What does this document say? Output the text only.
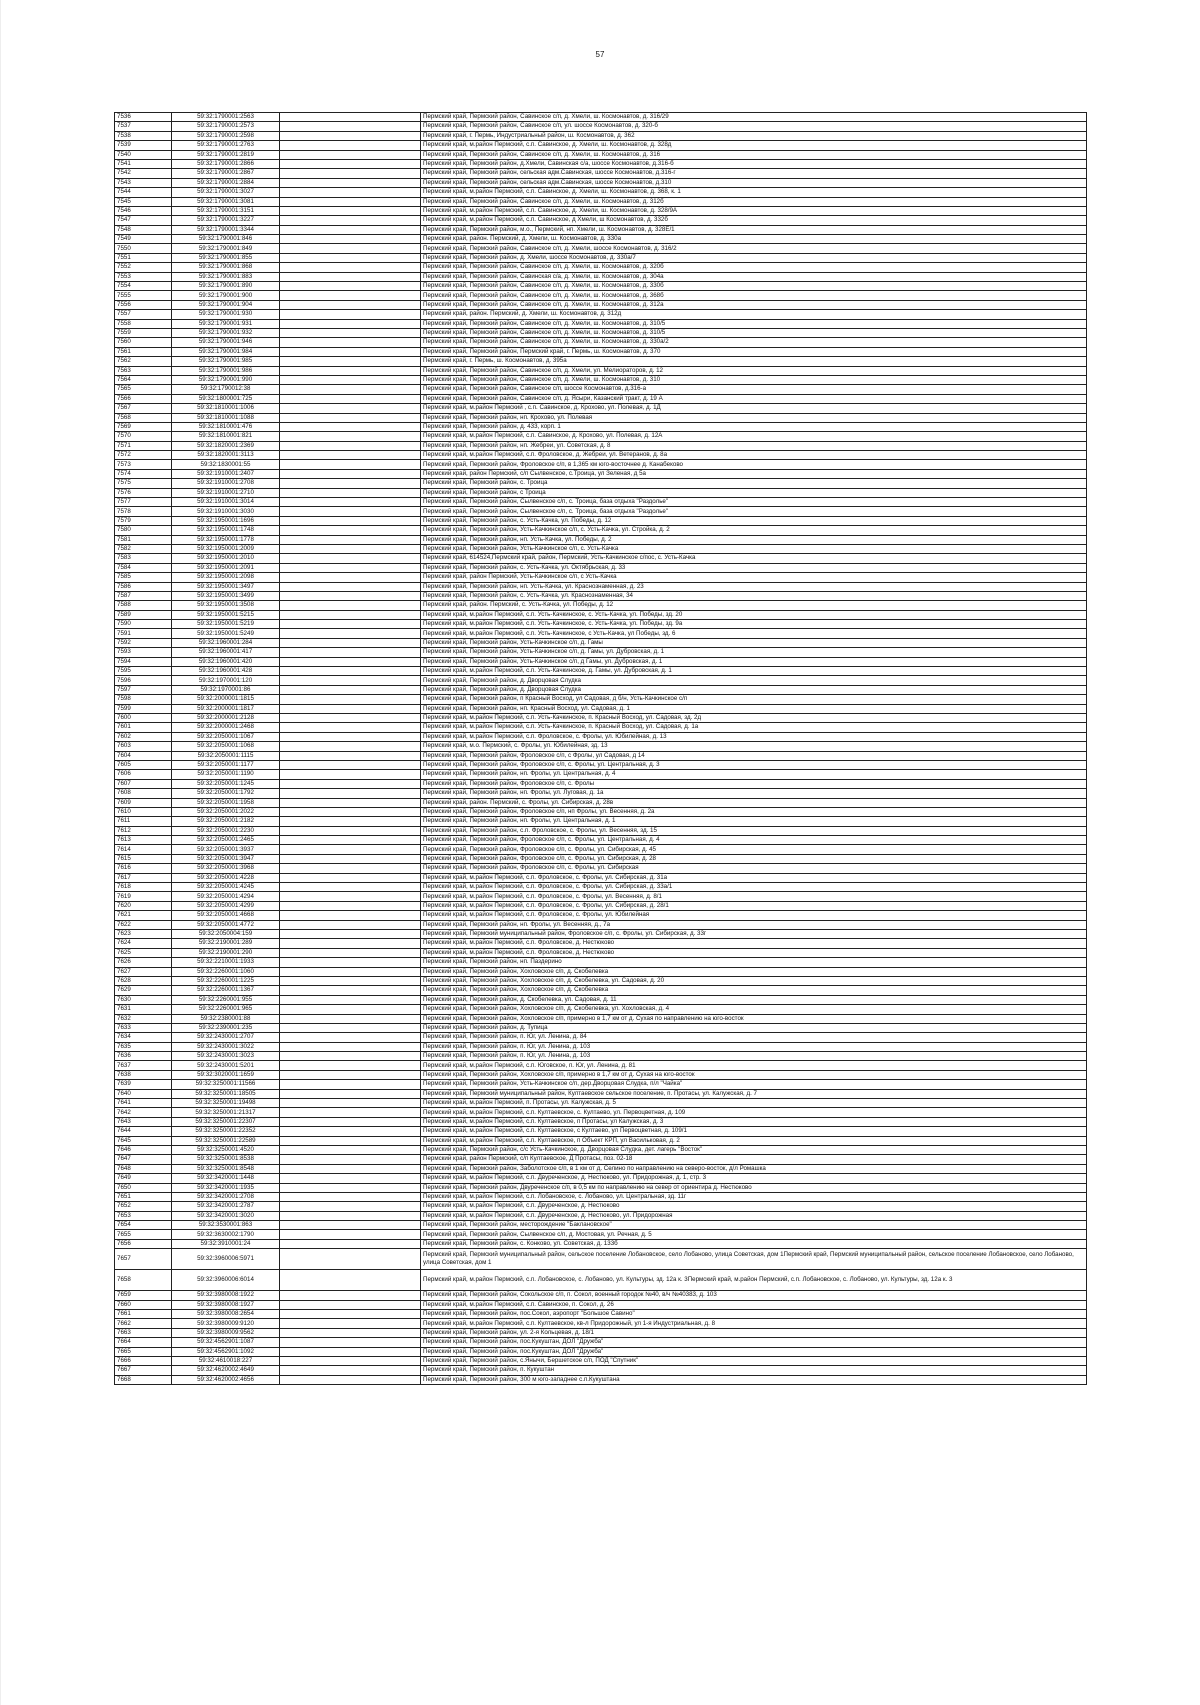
57
7536	59:32:1790001:2563		Пермский край, Пермский район, Савинское с/п, д. Хмели, ш. Космонавтов, д. 316/29
7537	59:32:1790001:2573		Пермский край, Пермский район, Савинское с/п, ул. шоссе Космонавтов, д. 320-б
7538	59:32:1790001:2598		Пермский край, г. Пермь, Индустриальный район, ш. Космонавтов, д. 362
7539	59:32:1790001:2763		Пермский край, м.район Пермский, с.п. Савинское, д. Хмели, ш. Космонавтов, д. 328д
7540	59:32:1790001:2819		Пермский край, Пермский район, Савинское с/п, д. Хмели, ш. Космонавтов, д. 316
7541	59:32:1790001:2866		Пермский край, Пермский район, д.Хмели, Савинская с/а, шоссе Космонавтов, д.316-б
7542	59:32:1790001:2867		Пермский край, Пермский район, сельская адм.Савинская, шоссе Космонавтов, д.316-г
7543	59:32:1790001:2884		Пермский край, Пермский район, сельская адм.Савинская, шоссе Космонавтов, д.310
7544	59:32:1790001:3027		Пермский край, м.район Пермский, с.п. Савинское, д. Хмели, ш. Космонавтов, д. 368, к. 1
7545	59:32:1790001:3081		Пермский край, Пермский район, Савинское с/п, д. Хмели, ш. Космонавтов, д. 312б
7546	59:32:1790001:3151		Пермский край, м.район Пермский, с.п. Савинское, д. Хмели, ш. Космонавтов, д. 328/9А
7547	59:32:1790001:3227		Пермский край, м.район Пермский, с.п. Савинское, д Хмели, ш Космонавтов, д. 332б
7548	59:32:1790001:3344		Пермский край, Пермский район, м.о., Пермский, нп. Хмели, ш. Космонавтов, д. 328Е/1
7549	59:32:1790001:846		Пермский край, район. Пермский, д. Хмели, ш. Космонавтов, д. 330а
7550	59:32:1790001:849		Пермский край, Пермский район, Савинское с/п, д. Хмели, шоссе Космонавтов, д. 316/2
7551	59:32:1790001:855		Пермский край, Пермский район, д. Хмели, шоссе Космонавтов, д. 330а/7
7552	59:32:1790001:868		Пермский край, Пермский район, Савинское с/п, д. Хмели, ш. Космонавтов, д. 320б
7553	59:32:1790001:883		Пермский край, Пермский район, Савинская с/а, д. Хмели, ш. Космонавтов, д. 304а
7554	59:32:1790001:890		Пермский край, Пермский район, Савинское с/п, д. Хмели, ш. Космонавтов, д. 330б
7555	59:32:1790001:900		Пермский край, Пермский район, Савинское с/п, д. Хмели, ш. Космонавтов, д. 368б
7556	59:32:1790001:904		Пермский край, Пермский район, Савинское с/п, д. Хмели, ш. Космонавтов, д. 312а
7557	59:32:1790001:930		Пермский край, район. Пермский, д. Хмели, ш. Космонавтов, д. 312д
7558	59:32:1790001:931		Пермский край, Пермский район, Савинское с/п, д. Хмели, ш. Космонавтов, д. 310/5
7559	59:32:1790001:932		Пермский край, Пермский район, Савинское с/п, д. Хмели, ш. Космонавтов, д. 310/5
7560	59:32:1790001:946		Пермский край, Пермский район, Савинское с/п, д. Хмели, ш. Космонавтов, д. 330а/2
7561	59:32:1790001:984		Пермский край, Пермский район, Пермский край, г. Пермь, ш. Космонавтов, д. 370
7562	59:32:1790001:985		Пермский край, г. Пермь, ш. Космонавтов, д. 395а
7563	59:32:1790001:986		Пермский край, Пермский район, Савинское с/п, д. Хмели, ул. Мелиораторов, д. 12
7564	59:32:1790001:990		Пермский край, Пермский район, Савинское с/п, д. Хмели, ш. Космонавтов, д. 310
7565	59:32:1790012:38		Пермский край, Пермский район, Савинское с/п, шоссе Космонавтов, д.316-а
7566	59:32:1800001:725		Пермский край, Пермский район, Савинское с/п, д. Ясыри, Казанский тракт, д. 19 А
7567	59:32:1810001:1006		Пермский край, м.район Пермский , с.п. Савинское, д. Крохово, ул. Полевая, д. 1Д
7568	59:32:1810001:1088		Пермский край, Пермский район, нп. Крохово, ул. Полевая
7569	59:32:1810001:476		Пермский край, Пермский район, д. 433, корп. 1
7570	59:32:1810001:821		Пермский край, м.район Пермский, с.п. Савинское, д. Крохово, ул. Полевая, д. 12А
7571	59:32:1820001:2369		Пермский край, Пермский район, нп. Жебреи, ул. Советская, д. 8
7572	59:32:1820001:3113		Пермский край, м.район Пермский, с.п. Фроловское, д. Жебреи, ул. Ветеранов, д. 8а
7573	59:32:1830001:55		Пермский край, Пермский район, Фроловское с/п, в 1,365 км юго-восточнее д. Канабеково
7574	59:32:1910001:2407		Пермский край, район Пермский, с/п Сылвенское, с.Троица, ул Зеленая, д 5а
7575	59:32:1910001:2708		Пермский край, Пермский район, с. Троица
7576	59:32:1910001:2710		Пермский край, Пермский район, с Троица
7577	59:32:1910001:3014		Пермский край, Пермский район, Сылвенское с/п, с. Троица, база отдыха "Раздолье"
7578	59:32:1910001:3030		Пермский край, Пермский район, Сылвенское с/п, с. Троица, база отдыха "Раздолье"
7579	59:32:1950001:1696		Пермский край, Пермский район, с. Усть-Качка, ул. Победы, д. 12
7580	59:32:1950001:1748		Пермский край, Пермский район, Усть-Качкинское с/п, с. Усть-Качка, ул. Стройка, д. 2
7581	59:32:1950001:1778		Пермский край, Пермский район, нп. Усть-Качка, ул. Победы, д. 2
7582	59:32:1950001:2009		Пермский край, Пермский район, Усть-Качкинское с/п, с. Усть-Качка
7583	59:32:1950001:2010		Пермский край, 614524,Пермский край, район, Пермский, Усть-Качкинское с/пос, с. Усть-Качка
7584	59:32:1950001:2091		Пермский край, Пермский район, с. Усть-Качка, ул. Октябрьская, д. 33
7585	59:32:1950001:2098		Пермский край, район Пермский, Усть-Качкинское с/п, с Усть-Качка
7586	59:32:1950001:3497		Пермский край, Пермский район, нп. Усть-Качка, ул. Краснознаменная, д. 23
7587	59:32:1950001:3499		Пермский край, Пермский район, с. Усть-Качка, ул. Краснознаменная, 34
7588	59:32:1950001:3508		Пермский край, район. Пермский, с. Усть-Качка, ул. Победы, д. 12
7589	59:32:1950001:5215		Пермский край, м.район Пермский, с.п. Усть-Качкинское, с. Усть-Качка, ул. Победы, зд. 20
7590	59:32:1950001:5219		Пермский край, м.район Пермский, с.п. Усть-Качкинское, с. Усть-Качка, ул. Победы, зд. 9а
7591	59:32:1950001:5249		Пермский край, м.район Пермский, с.п. Усть-Качкинское, с Усть-Качка, ул Победы, зд. 6
7592	59:32:1960001:284		Пермский край, Пермский район, Усть-Качкинское с/п, д. Гамы
7593	59:32:1960001:417		Пермский край, Пермский район, Усть-Качкинское с/п, д. Гамы, ул. Дубровская, д. 1
7594	59:32:1960001:420		Пермский край, Пермский район, Усть-Качкинское с/п, д Гамы, ул. Дубровская, д. 1
7595	59:32:1960001:428		Пермский край, м.район Пермский, с.п. Усть-Качкинское, д. Гамы, ул. Дубровская, д. 1
7596	59:32:1970001:120		Пермский край, Пермский район, д. Дворцовая Слудка
7597	59:32:1970001:86		Пермский край, Пермский район, д. Дворцовая Слудка
7598	59:32:2000001:1815		Пермский край, Пермский район, п Красный Восход, ул Садовая, д б/н, Усть-Качкинское с/п
7599	59:32:2000001:1817		Пермский край, Пермский район, нп. Красный Восход, ул. Садовая, д. 1
7600	59:32:2000001:2128		Пермский край, м.район Пермский, с.п. Усть-Качкинское, п. Красный Восход, ул. Садовая, зд. 2д
7601	59:32:2000001:2468		Пермский край, м.район Пермский, с.п. Усть-Качкинское, п. Красный Восход, ул. Садовая, д. 1а
7602	59:32:2050001:1067		Пермский край, м.район Пермский, с.п. Фроловское, с. Фролы, ул. Юбилейная, д. 13
7603	59:32:2050001:1068		Пермский край, м.о. Пермский, с. Фролы, ул. Юбилейная, зд. 13
7604	59:32:2050001:1115		Пермский край, Пермский район, Фроловское с/п, с Фролы, ул Садовая, д 14
7605	59:32:2050001:1177		Пермский край, Пермский район, Фроловское с/п, с. Фролы, ул. Центральная, д. 3
7606	59:32:2050001:1190		Пермский край, Пермский район, нп. Фролы, ул. Центральная, д. 4
7607	59:32:2050001:1245		Пермский край, Пермский район, Фроловское с/п, с. Фролы
7608	59:32:2050001:1792		Пермский край, Пермский район, нп. Фролы, ул. Луговая, д. 1а
7609	59:32:2050001:1958		Пермский край, район. Пермский, с. Фролы, ул. Сибирская, д. 28в
7610	59:32:2050001:2022		Пермский край, Пермский район, Фроловское с/п, нп Фролы, ул. Весенняя, д. 2а
7611	59:32:2050001:2182		Пермский край, Пермский район, нп. Фролы, ул. Центральная, д. 1
7612	59:32:2050001:2230		Пермский край, Пермский район, с.п. Фроловское, с. Фролы, ул. Весенняя, зд. 15
7613	59:32:2050001:2465		Пермский край, Пермский район, Фроловское с/п, с. Фролы, ул. Центральная, д. 4
7614	59:32:2050001:3937		Пермский край, Пермский район, Фроловское с/п, с. Фролы, ул. Сибирская, д. 45
7615	59:32:2050001:3947		Пермский край, Пермский район, Фроловское с/п, с. Фролы, ул. Сибирская, д. 28
7616	59:32:2050001:3968		Пермский край, Пермский район, Фроловское с/п, с. Фролы, ул. Сибирская
7617	59:32:2050001:4228		Пермский край, м.район Пермский, с.п. Фроловское, с. Фролы, ул. Сибирская, д. 31а
7618	59:32:2050001:4245		Пермский край, м.район Пермский, с.п. Фроловское, с. Фролы, ул. Сибирская, д. 33а/1
7619	59:32:2050001:4294		Пермский край, м.район Пермский, с.п. Фроловское, с. Фролы, ул. Весенняя, д. 8/1
7620	59:32:2050001:4299		Пермский край, м.район Пермский, с.п. Фроловское, с. Фролы, ул. Сибирская, д. 28/1
7621	59:32:2050001:4668		Пермский край, м.район Пермский, с.п. Фроловское, с. Фролы, ул. Юбилейная
7622	59:32:2050001:4772		Пермский край, Пермский район, нп. Фролы, ул. Весенняя, д., 7а
7623	59:32:2050004:159		Пермский край, Пермский муниципальный район, Фроловское с/п, с. Фролы, ул. Сибирская, д. 33г
7624	59:32:2190001:289		Пермский край, м.район Пермский, с.п. Фроловское, д. Нестюково
7625	59:32:2190001:290		Пермский край, м.район Пермский, с.п. Фроловское, д. Нестюково
7626	59:32:2210001:1933		Пермский край, Пермский район, нп. Паздерино
7627	59:32:2260001:1060		Пермский край, Пермский район, Хохловское с/п, д. Скобелевка
7628	59:32:2260001:1225		Пермский край, Пермский район, Хохловское с/п, д. Скобелевка, ул. Садовая, д. 20
7629	59:32:2260001:1367		Пермский край, Пермский район, Хохловское с/п, д. Скобелевка
7630	59:32:2260001:955		Пермский край, Пермский район, д. Скобелевка, ул. Садовая, д. 11
7631	59:32:2260001:965		Пермский край, Пермский район, Хохловское с/п, д. Скобелевка, ул. Хохловская, д. 4
7632	59:32:2380001:88		Пермский край, Пермский район, Хохловское с/п, примерно в 1,7 км от д. Сухая по направлению на юго-восток
7633	59:32:2390001:235		Пермский край, Пермский район, д. Тупица
7634	59:32:2430001:2707		Пермский край, Пермский район, п. Юг, ул. Ленина, д. 84
7635	59:32:2430001:3022		Пермский край, Пермский район, п. Юг, ул. Ленина, д. 103
7636	59:32:2430001:3023		Пермский край, Пермский район, п. Юг, ул. Ленина, д. 103
7637	59:32:2430001:5201		Пермский край, м.район Пермский, с.п. Юговское, п. Юг, ул. Ленина, д. 81
7638	59:32:3020001:1659		Пермский край, Пермский район, Хохловское с/п, примерно в 1,7 км от д. Сухая на юго-восток
7639	59:32:3250001:11566		Пермский край, Пермский район, Усть-Качкинское с/п, дер.Дворцовая Слудка, п/л "Чайка"
7640	59:32:3250001:18505		Пермский край, Пермский муниципальный район, Култаевское сельское поселение, п. Протасы, ул. Калужская, д. 7
7641	59:32:3250001:19498		Пермский край, м.район Пермский, п. Протасы, ул. Калужская, д. 5
7642	59:32:3250001:21317		Пермский край, м.район Пермский, с.п. Култаевское, с. Култаево, ул. Первоцветная, д. 109
7643	59:32:3250001:22307		Пермский край, м.район Пермский, с.п. Култаевское, п Протасы, ул Калужская, д. 3
7644	59:32:3250001:22352		Пермский край, м.район Пермский, с.п. Култаевское, с Култаево, ул Первоцветная, д. 109/1
7645	59:32:3250001:22589		Пермский край, м.район Пермский, с.п. Култаевское, п Объект КРП, ул Васильковая, д. 2
7646	59:32:3250001:4520		Пермский край, Пермский район, с/с Усть-Качкинское, д. Дворцовая Слудка, дет. лагерь "Восток"
7647	59:32:3250001:8538		Пермский край, район Пермский, с/п Култаевское, Д Протасы, поз. 02-18
7648	59:32:3250001:8548		Пермский край, Пермский район, Заболотское с/п, в 1 км от д. Селино по направлению на северо-восток, д/л Ромашка
7649	59:32:3420001:1448		Пермский край, м.район Пермский, с.п. Двуреченское, д. Нестюково, ул. Придорожная, д. 1, стр. 3
7650	59:32:3420001:1935		Пермский край, Пермский район, Двуреченское с/п, в 0,5 км по направлению на север от ориентира д. Нестюково
7651	59:32:3420001:2708		Пермский край, м.район Пермский, с.п. Лобановское, с. Лобаново, ул. Центральная, зд. 11г
7652	59:32:3420001:2787		Пермский край, м.район Пермский, с.п. Двуреченское, д. Нестюково
7653	59:32:3420001:3020		Пермский край, м.район Пермский, с.п. Двуреченское, д. Нестюково, ул. Придорожная
7654	59:32:3530001:863		Пермский край, Пермский район, месторождение "Баклановское"
7655	59:32:3630002:1790		Пермский край, Пермский район, Сылвенское с/п, д. Мостовая, ул. Речная, д. 5
7656	59:32:3910001:24		Пермский край, Пермский район, с. Конково, ул. Советская, д. 133б
7657	59:32:3960006:5971		Пермский край, Пермский муниципальный район, сельское поселение Лобановское, село Лобаново, улица Советская, дом 1Пермский край, Пермский муниципальный район, сельское поселение Лобановское, село Лобаново, улица Советская, дом 1
7658	59:32:3960006:6014		Пермский край, м.район Пермский, с.п. Лобановское, с. Лобаново, ул. Культуры, зд. 12а к. 3Пермский край, м.район Пермский, с.п. Лобановское, с. Лобаново, ул. Культуры, зд. 12а к. 3
7659	59:32:3980008:1922		Пермский край, Пермский район, Сокольское с/п, п. Сокол, военный городок №40, в/ч №40383, д. 103
7660	59:32:3980008:1927		Пермский край, м.район Пермский, с.п. Савинское, п. Сокол, д. 26
7661	59:32:3980008:2654		Пермский край, Пермский район, пос.Сокол, аэропорт "Большое Савино"
7662	59:32:3980009:9120		Пермский край, м.район Пермский, с.п. Култаевское, кв-л Придорожный, ул 1-я Индустриальная, д. 8
7663	59:32:3980009:9562		Пермский край, Пермский район, ул. 2-я Кольцевая, д. 18/1
7664	59:32:4562901:1087		Пермский край, Пермский район, пос.Кукуштан, ДОЛ "Дружба"
7665	59:32:4562901:1092		Пермский край, Пермский район, пос.Кукуштан, ДОЛ "Дружба"
7666	59:32:4610018:227		Пермский край, Пермский район, с.Янычи, Бершетское с/п, ПОД "Спутник"
7667	59:32:4620002:4649		Пермский край, Пермский район, п. Кукуштан
7668	59:32:4620002:4656		Пермский край, Пермский район, 300 м юго-западнее с.п.Кукуштана
